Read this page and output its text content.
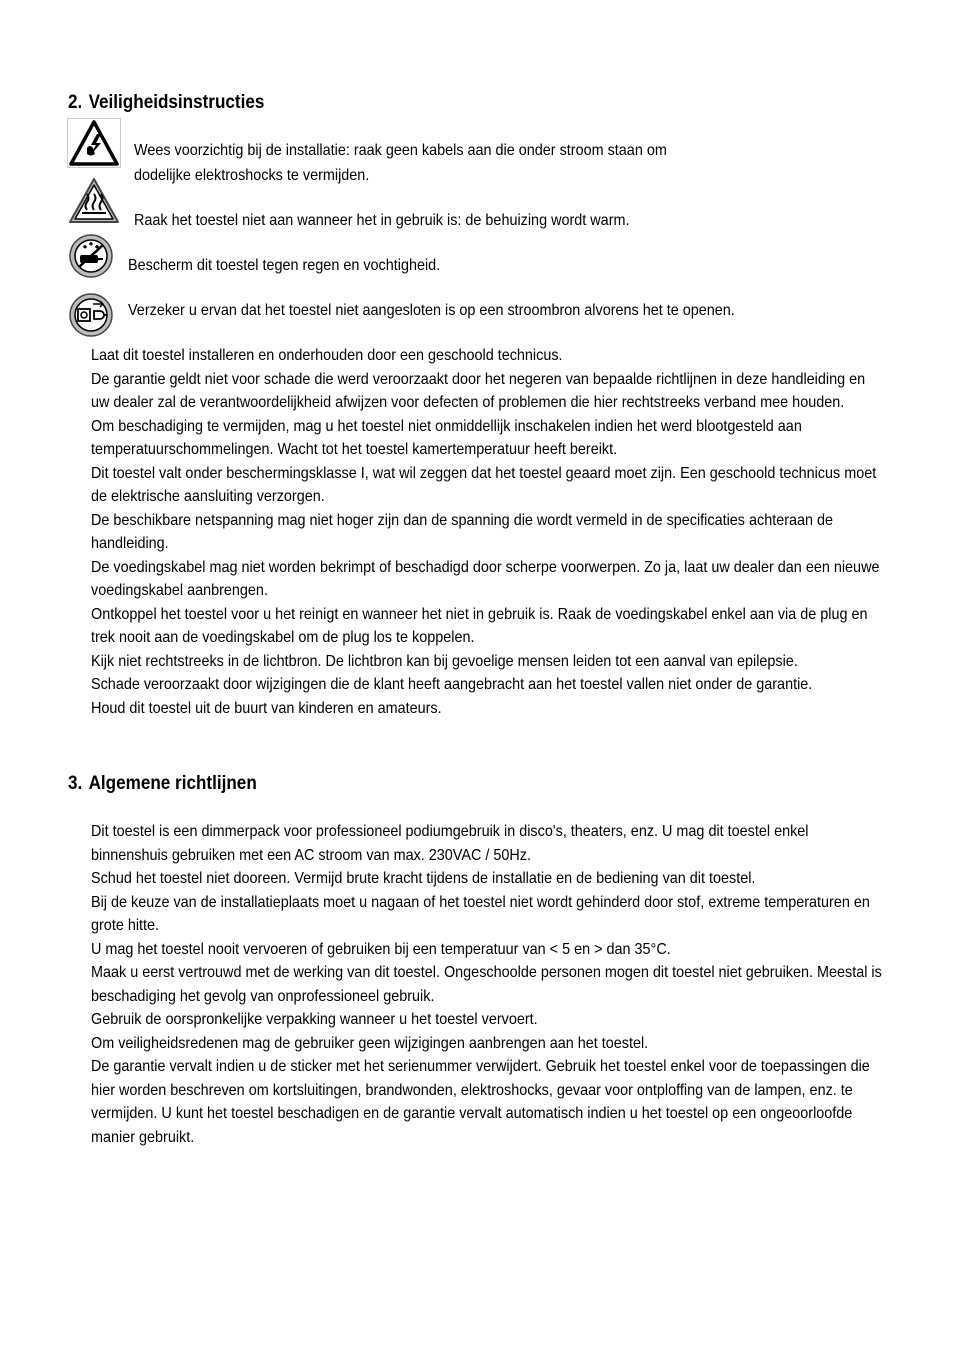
2. Veiligheidsinstructies
Wees voorzichtig bij de installatie: raak geen kabels aan die onder stroom staan om
dodelijke elektroshocks te vermijden.
Raak het toestel niet aan wanneer het in gebruik is: de behuizing wordt warm.
Bescherm dit toestel tegen regen en vochtigheid.
Verzeker u ervan dat het toestel niet aangesloten is op een stroombron alvorens het te openen.

Laat dit toestel installeren en onderhouden door een geschoold technicus.

De garantie geldt niet voor schade die werd veroorzaakt door het negeren van bepaalde richtlijnen in deze handleiding en uw dealer zal de verantwoordelijkheid afwijzen voor defecten of problemen die hier rechtstreeks verband mee houden.

Om beschadiging te vermijden, mag u het toestel niet onmiddellijk inschakelen indien het werd blootgesteld aan temperatuurschommelingen. Wacht tot het toestel kamertemperatuur heeft bereikt.

Dit toestel valt onder beschermingsklasse I, wat wil zeggen dat het toestel geaard moet zijn. Een geschoold technicus moet de elektrische aansluiting verzorgen.

De beschikbare netspanning mag niet hoger zijn dan de spanning die wordt vermeld in de specificaties achteraan de handleiding.

De voedingskabel mag niet worden bekrimpt of beschadigd door scherpe voorwerpen. Zo ja, laat uw dealer dan een nieuwe voedingskabel aanbrengen.

Ontkoppel het toestel voor u het reinigt en wanneer het niet in gebruik is. Raak de voedingskabel enkel aan via de plug en trek nooit aan de voedingskabel om de plug los te koppelen.

Kijk niet rechtstreeks in de lichtbron. De lichtbron kan bij gevoelige mensen leiden tot een aanval van epilepsie.

Schade veroorzaakt door wijzigingen die de klant heeft aangebracht aan het toestel vallen niet onder de garantie.

Houd dit toestel uit de buurt van kinderen en amateurs.

3. Algemene richtlijnen

Dit toestel is een dimmerpack voor professioneel podiumgebruik in disco's, theaters, enz. U mag dit toestel enkel binnenshuis gebruiken met een AC stroom van max. 230VAC / 50Hz.

Schud het toestel niet dooreen. Vermijd brute kracht tijdens de installatie en de bediening van dit toestel.

Bij de keuze van de installatieplaats moet u nagaan of het toestel niet wordt gehinderd door stof, extreme temperaturen en grote hitte.

U mag het toestel nooit vervoeren of gebruiken bij een temperatuur van < 5 en > dan 35°C.

Maak u eerst vertrouwd met de werking van dit toestel. Ongeschoolde personen mogen dit toestel niet gebruiken. Meestal is beschadiging het gevolg van onprofessioneel gebruik.

Gebruik de oorspronkelijke verpakking wanneer u het toestel vervoert.

Om veiligheidsredenen mag de gebruiker geen wijzigingen aanbrengen aan het toestel.

De garantie vervalt indien u de sticker met het serienummer verwijdert. Gebruik het toestel enkel voor de toepassingen die hier worden beschreven om kortsluitingen, brandwonden, elektroshocks, gevaar voor ontploffing van de lampen, enz. te vermijden. U kunt het toestel beschadigen en de garantie vervalt automatisch indien u het toestel op een ongeoorloofde manier gebruikt.
